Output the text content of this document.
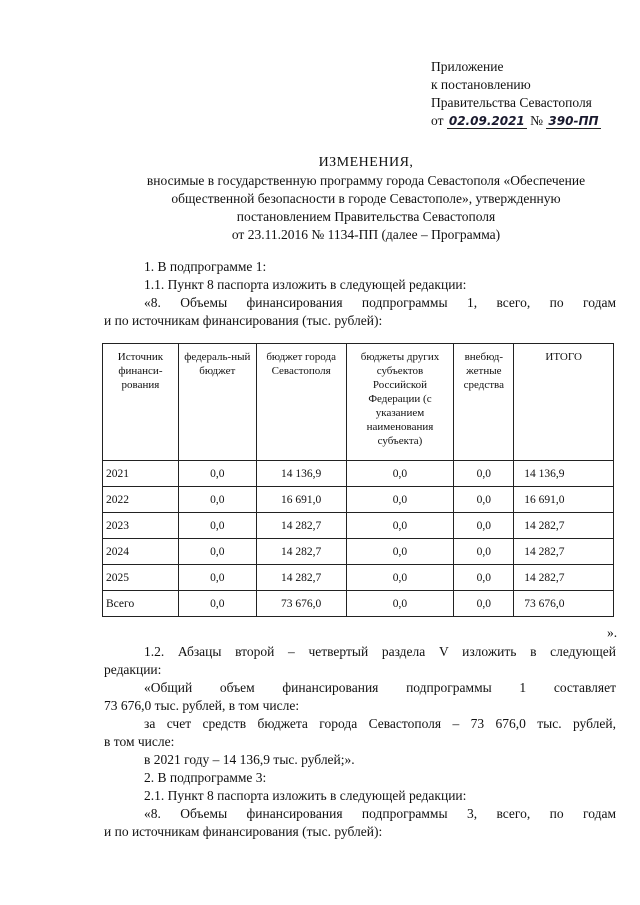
Приложение
к постановлению
Правительства Севастополя
от 02.09.2021 № 390-ПП
ИЗМЕНЕНИЯ,
вносимые в государственную программу города Севастополя «Обеспечение
общественной безопасности в городе Севастополе», утвержденную
постановлением Правительства Севастополя
от 23.11.2016 № 1134-ПП (далее – Программа)
1. В подпрограмме 1:
1.1. Пункт 8 паспорта изложить в следующей редакции:
«8. Объемы финансирования подпрограммы 1, всего, по годам
и по источникам финансирования (тыс. рублей):
Источник финанси-рования	федераль-ный бюджет	бюджет города Севастополя	бюджеты других субъектов Российской Федерации (с указанием наименования субъекта)	внебюд-жетные средства	ИТОГО
2021	0,0	14 136,9	0,0	0,0	14 136,9
2022	0,0	16 691,0	0,0	0,0	16 691,0
2023	0,0	14 282,7	0,0	0,0	14 282,7
2024	0,0	14 282,7	0,0	0,0	14 282,7
2025	0,0	14 282,7	0,0	0,0	14 282,7
Всего	0,0	73 676,0	0,0	0,0	73 676,0
».
1.2. Абзацы второй – четвертый раздела V изложить в следующей
редакции:
«Общий объем финансирования подпрограммы 1 составляет
73 676,0 тыс. рублей, в том числе:
за счет средств бюджета города Севастополя – 73 676,0 тыс. рублей,
в том числе:
в 2021 году – 14 136,9 тыс. рублей;».
2. В подпрограмме 3:
2.1. Пункт 8 паспорта изложить в следующей редакции:
«8. Объемы финансирования подпрограммы 3, всего, по годам
и по источникам финансирования (тыс. рублей):
